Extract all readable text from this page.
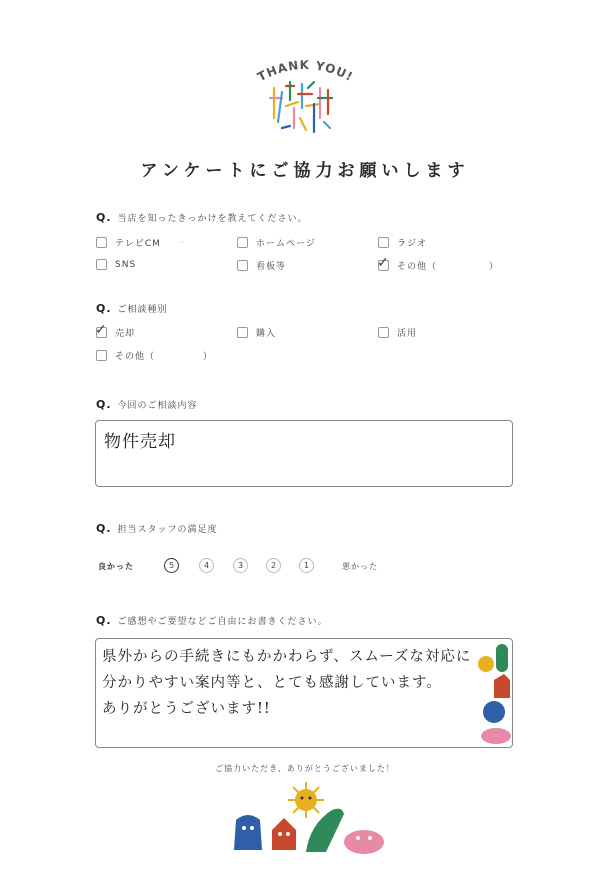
THANK YOU!
アンケートにご協力お願いします
Q. 当店を知ったきっかけを教えてください。
テレビCM ·	ホームページ	ラジオ
SNS	看板等	✓ その他（	）
Q. ご相談種別
✓ 売却	購入	活用
その他（	）
Q. 今回のご相談内容
物件売却
Q. 担当スタッフの満足度
良かった	5	4	3	2	1	悪かった
Q. ご感想やご要望などご自由にお書きください。
県外からの手続きにもかかわらず、スムーズな対応に
分かりやすい案内等と、とても感謝しています。
ありがとうございます!!
ご協力いただき、ありがとうございました！
